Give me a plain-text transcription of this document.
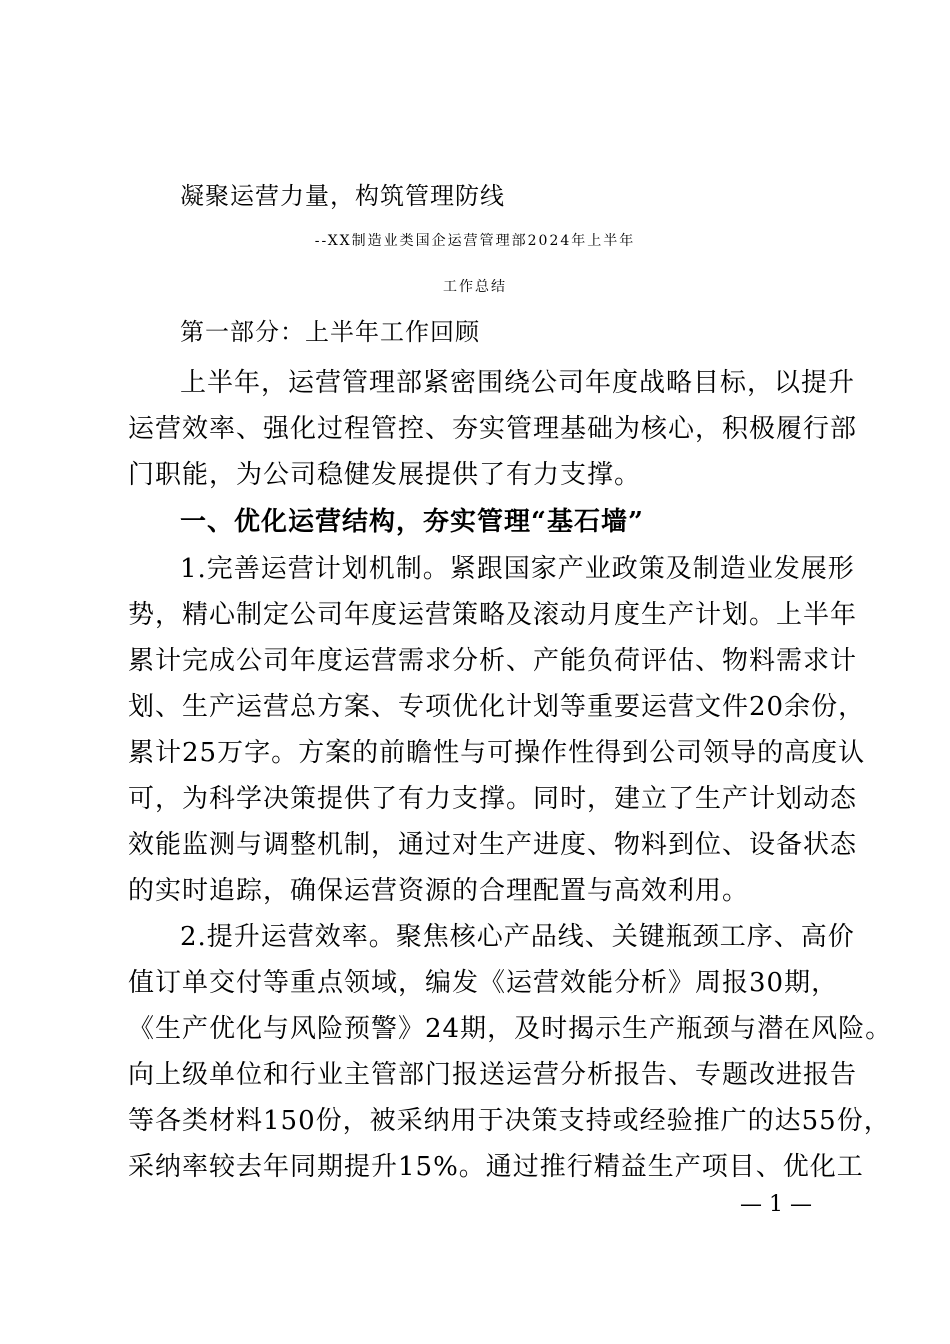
凝聚运营力量，构筑管理防线
--XX制造业类国企运营管理部2024年上半年
工作总结
第一部分：上半年工作回顾
上半年，运营管理部紧密围绕公司年度战略目标，以提升
运营效率、强化过程管控、夯实管理基础为核心，积极履行部
门职能，为公司稳健发展提供了有力支撑。
一、优化运营结构，夯实管理“基石墙”
1.完善运营计划机制。紧跟国家产业政策及制造业发展形
势，精心制定公司年度运营策略及滚动月度生产计划。上半年
累计完成公司年度运营需求分析、产能负荷评估、物料需求计
划、生产运营总方案、专项优化计划等重要运营文件20余份，
累计25万字。方案的前瞻性与可操作性得到公司领导的高度认
可，为科学决策提供了有力支撑。同时，建立了生产计划动态
效能监测与调整机制，通过对生产进度、物料到位、设备状态
的实时追踪，确保运营资源的合理配置与高效利用。
2.提升运营效率。聚焦核心产品线、关键瓶颈工序、高价
值订单交付等重点领域，编发《运营效能分析》周报30期，
《生产优化与风险预警》24期，及时揭示生产瓶颈与潜在风险。
向上级单位和行业主管部门报送运营分析报告、专题改进报告
等各类材料150份，被采纳用于决策支持或经验推广的达55份，
采纳率较去年同期提升15%。通过推行精益生产项目、优化工
— 1 —
